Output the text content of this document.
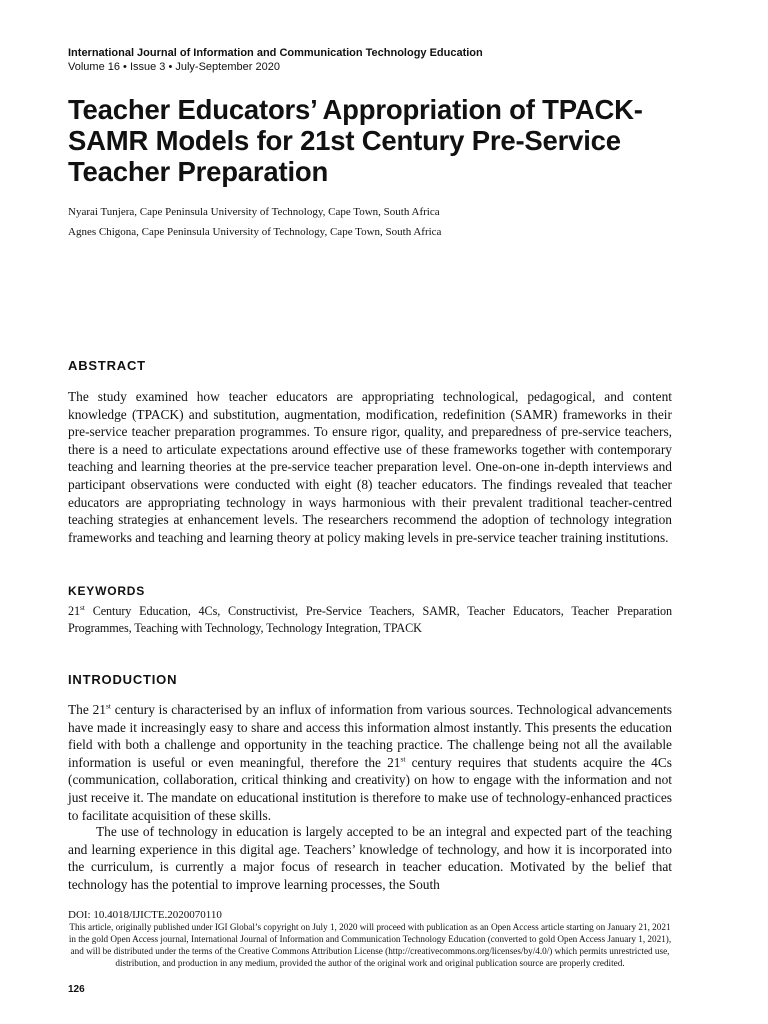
International Journal of Information and Communication Technology Education
Volume 16 • Issue 3 • July-September 2020
Teacher Educators’ Appropriation of TPACK-SAMR Models for 21st Century Pre-Service Teacher Preparation
Nyarai Tunjera, Cape Peninsula University of Technology, Cape Town, South Africa
Agnes Chigona, Cape Peninsula University of Technology, Cape Town, South Africa
ABSTRACT

The study examined how teacher educators are appropriating technological, pedagogical, and content knowledge (TPACK) and substitution, augmentation, modification, redefinition (SAMR) frameworks in their pre-service teacher preparation programmes. To ensure rigor, quality, and preparedness of pre-service teachers, there is a need to articulate expectations around effective use of these frameworks together with contemporary teaching and learning theories at the pre-service teacher preparation level. One-on-one in-depth interviews and participant observations were conducted with eight (8) teacher educators. The findings revealed that teacher educators are appropriating technology in ways harmonious with their prevalent traditional teacher-centred teaching strategies at enhancement levels. The researchers recommend the adoption of technology integration frameworks and teaching and learning theory at policy making levels in pre-service teacher training institutions.

KEYWORDS

21st Century Education, 4Cs, Constructivist, Pre-Service Teachers, SAMR, Teacher Educators, Teacher Preparation Programmes, Teaching with Technology, Technology Integration, TPACK

INTRODUCTION

The 21st century is characterised by an influx of information from various sources. Technological advancements have made it increasingly easy to share and access this information almost instantly. This presents the education field with both a challenge and opportunity in the teaching practice. The challenge being not all the available information is useful or even meaningful, therefore the 21st century requires that students acquire the 4Cs (communication, collaboration, critical thinking and creativity) on how to engage with the information and not just receive it. The mandate on educational institution is therefore to make use of technology-enhanced practices to facilitate acquisition of these skills.

The use of technology in education is largely accepted to be an integral and expected part of the teaching and learning experience in this digital age. Teachers’ knowledge of technology, and how it is incorporated into the curriculum, is currently a major focus of research in teacher education. Motivated by the belief that technology has the potential to improve learning processes, the South

DOI: 10.4018/IJICTE.2020070110

This article, originally published under IGI Global’s copyright on July 1, 2020 will proceed with publication as an Open Access article starting on January 21, 2021 in the gold Open Access journal, International Journal of Information and Communication Technology Education (converted to gold Open Access January 1, 2021), and will be distributed under the terms of the Creative Commons Attribution License (http://creativecommons.org/licenses/by/4.0/) which permits unrestricted use, distribution, and production in any medium, provided the author of the original work and original publication source are properly credited.

126
